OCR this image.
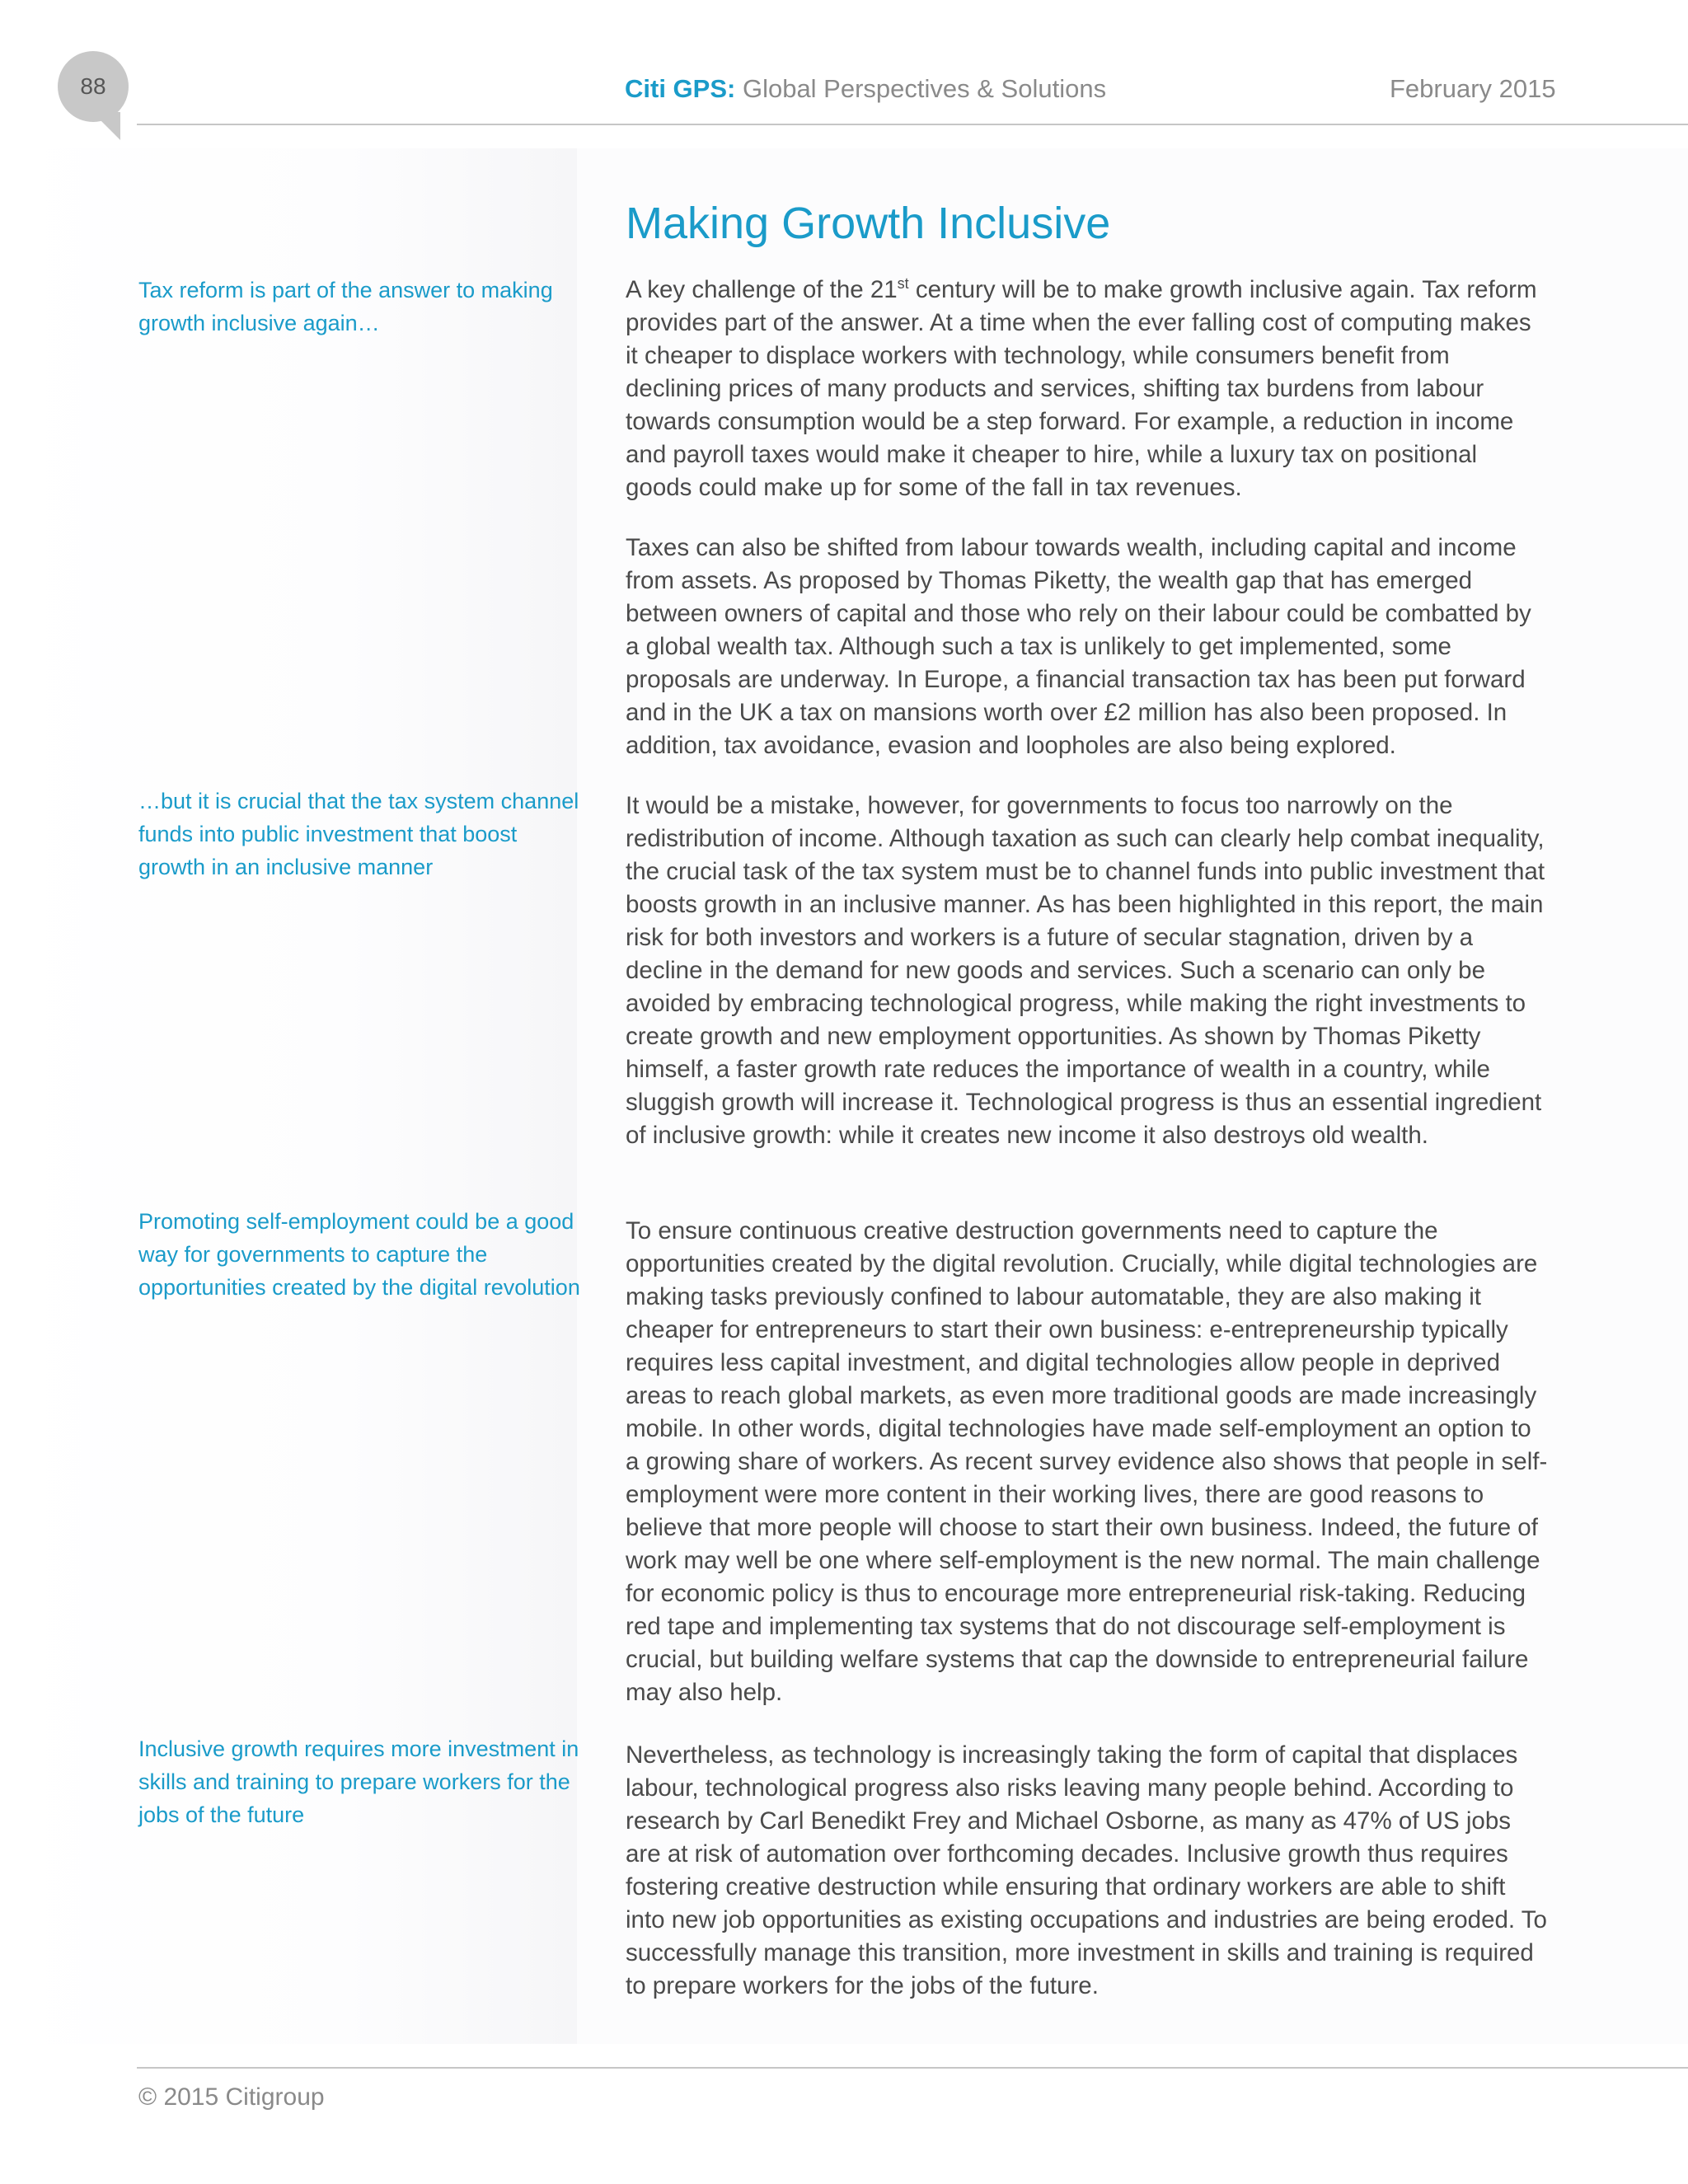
88	Citi GPS: Global Perspectives & Solutions	February 2015
Making Growth Inclusive

Tax reform is part of the answer to making growth inclusive again…

…but it is crucial that the tax system channel funds into public investment that boost growth in an inclusive manner

Promoting self-employment could be a good way for governments to capture the opportunities created by the digital revolution

Inclusive growth requires more investment in skills and training to prepare workers for the jobs of the future

A key challenge of the 21st century will be to make growth inclusive again. Tax reform provides part of the answer. At a time when the ever falling cost of computing makes it cheaper to displace workers with technology, while consumers benefit from declining prices of many products and services, shifting tax burdens from labour towards consumption would be a step forward. For example, a reduction in income and payroll taxes would make it cheaper to hire, while a luxury tax on positional goods could make up for some of the fall in tax revenues.

Taxes can also be shifted from labour towards wealth, including capital and income from assets. As proposed by Thomas Piketty, the wealth gap that has emerged between owners of capital and those who rely on their labour could be combatted by a global wealth tax. Although such a tax is unlikely to get implemented, some proposals are underway. In Europe, a financial transaction tax has been put forward and in the UK a tax on mansions worth over £2 million has also been proposed. In addition, tax avoidance, evasion and loopholes are also being explored.

It would be a mistake, however, for governments to focus too narrowly on the redistribution of income. Although taxation as such can clearly help combat inequality, the crucial task of the tax system must be to channel funds into public investment that boosts growth in an inclusive manner. As has been highlighted in this report, the main risk for both investors and workers is a future of secular stagnation, driven by a decline in the demand for new goods and services. Such a scenario can only be avoided by embracing technological progress, while making the right investments to create growth and new employment opportunities. As shown by Thomas Piketty himself, a faster growth rate reduces the importance of wealth in a country, while sluggish growth will increase it. Technological progress is thus an essential ingredient of inclusive growth: while it creates new income it also destroys old wealth.

To ensure continuous creative destruction governments need to capture the opportunities created by the digital revolution. Crucially, while digital technologies are making tasks previously confined to labour automatable, they are also making it cheaper for entrepreneurs to start their own business: e-entrepreneurship typically requires less capital investment, and digital technologies allow people in deprived areas to reach global markets, as even more traditional goods are made increasingly mobile. In other words, digital technologies have made self-employment an option to a growing share of workers. As recent survey evidence also shows that people in self-employment were more content in their working lives, there are good reasons to believe that more people will choose to start their own business. Indeed, the future of work may well be one where self-employment is the new normal. The main challenge for economic policy is thus to encourage more entrepreneurial risk-taking. Reducing red tape and implementing tax systems that do not discourage self-employment is crucial, but building welfare systems that cap the downside to entrepreneurial failure may also help.

Nevertheless, as technology is increasingly taking the form of capital that displaces labour, technological progress also risks leaving many people behind. According to research by Carl Benedikt Frey and Michael Osborne, as many as 47% of US jobs are at risk of automation over forthcoming decades. Inclusive growth thus requires fostering creative destruction while ensuring that ordinary workers are able to shift into new job opportunities as existing occupations and industries are being eroded. To successfully manage this transition, more investment in skills and training is required to prepare workers for the jobs of the future.

© 2015 Citigroup
